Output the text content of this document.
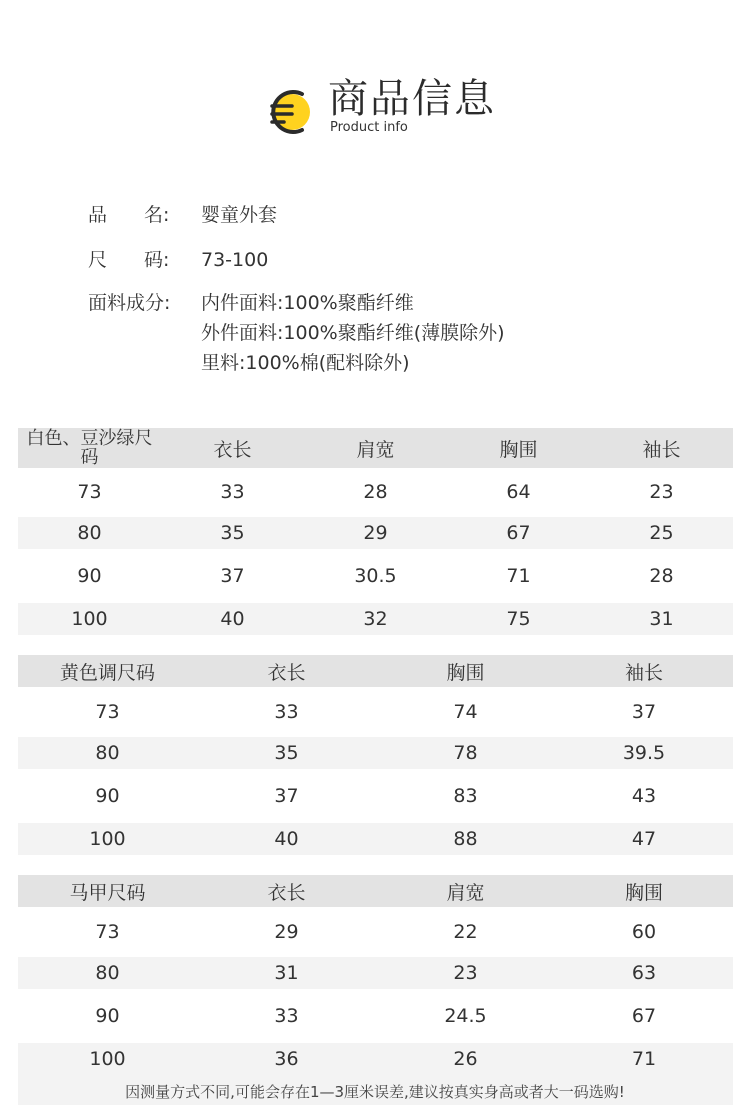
商品信息
Product info
品 名: 婴童外套
尺 码: 73-100
面料成分: 内件面料:100%聚酯纤维
外件面料:100%聚酯纤维(薄膜除外)
里料:100%棉(配料除外)
白色、豆沙绿尺码	衣长	肩宽	胸围	袖长
73	33	28	64	23
80	35	29	67	25
90	37	30.5	71	28
100	40	32	75	31
黄色调尺码	衣长	胸围	袖长
73	33	74	37
80	35	78	39.5
90	37	83	43
100	40	88	47
马甲尺码	衣长	肩宽	胸围
73	29	22	60
80	31	23	63
90	33	24.5	67
100	36	26	71
因测量方式不同,可能会存在1—3厘米误差,建议按真实身高或者大一码选购!
